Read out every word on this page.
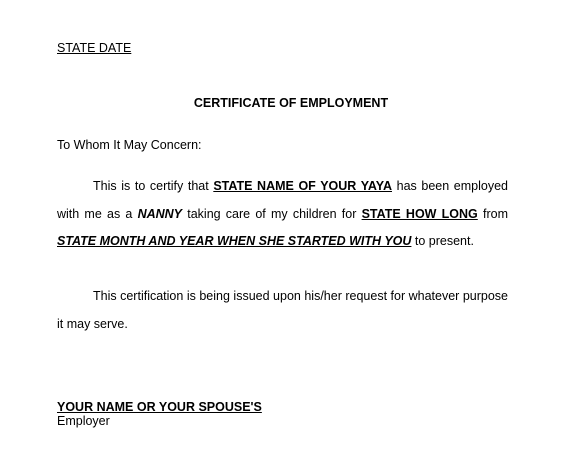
STATE DATE
CERTIFICATE OF EMPLOYMENT
To Whom It May Concern:
This is to certify that STATE NAME OF YOUR YAYA has been employed with me as a NANNY taking care of my children for STATE HOW LONG from STATE MONTH AND YEAR WHEN SHE STARTED WITH YOU to present.
This certification is being issued upon his/her request for whatever purpose it may serve.
YOUR NAME OR YOUR SPOUSE'S
Employer
